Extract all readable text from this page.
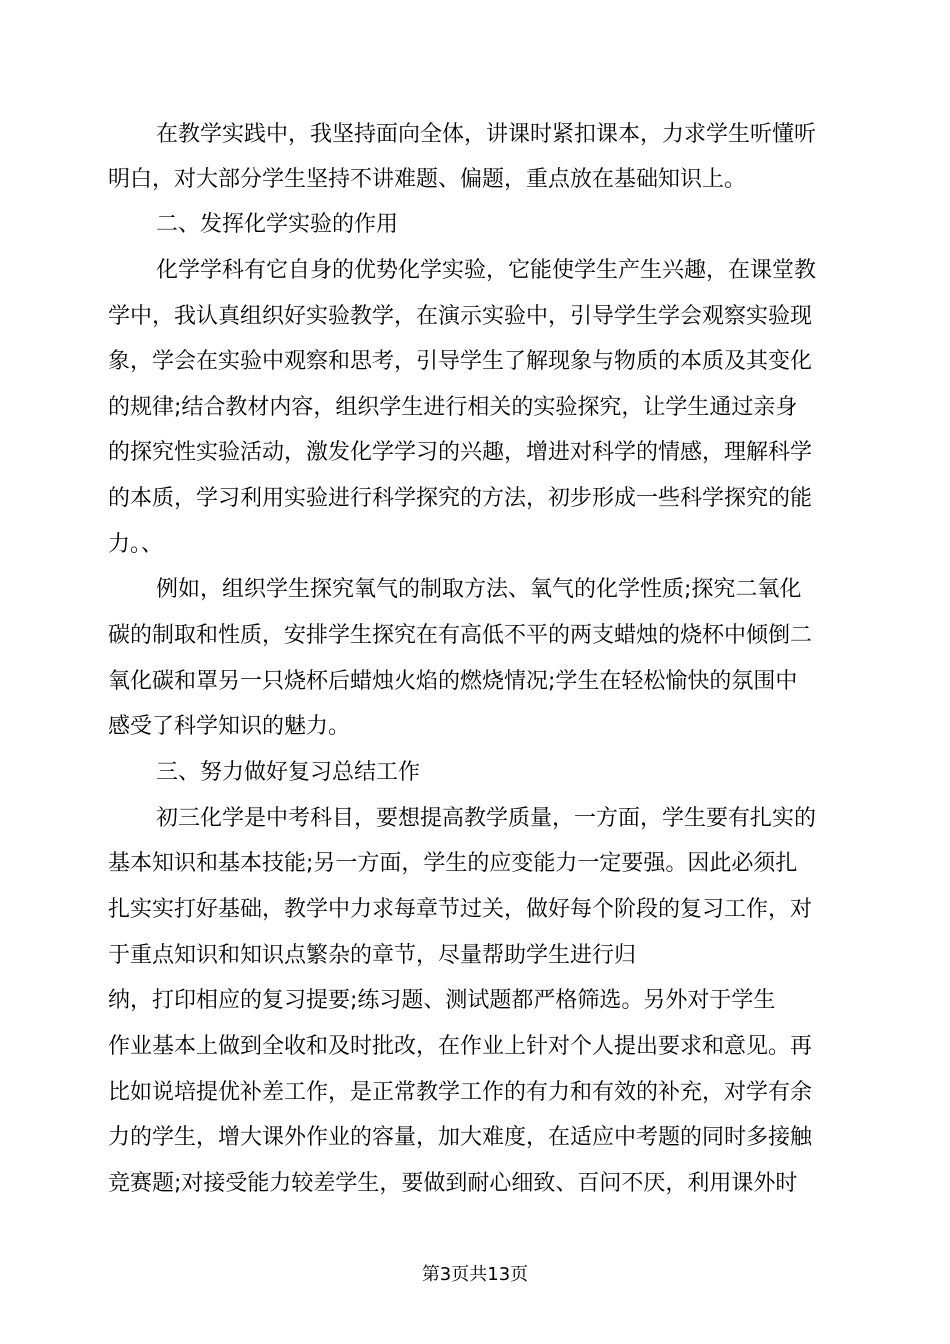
在教学实践中，我坚持面向全体，讲课时紧扣课本，力求学生听懂听
明白，对大部分学生坚持不讲难题、偏题，重点放在基础知识上。
二、发挥化学实验的作用
化学学科有它自身的优势化学实验，它能使学生产生兴趣，在课堂教
学中，我认真组织好实验教学，在演示实验中，引导学生学会观察实验现
象，学会在实验中观察和思考，引导学生了解现象与物质的本质及其变化
的规律;结合教材内容，组织学生进行相关的实验探究，让学生通过亲身
的探究性实验活动，激发化学学习的兴趣，增进对科学的情感，理解科学
的本质，学习利用实验进行科学探究的方法，初步形成一些科学探究的能
力。、
例如，组织学生探究氧气的制取方法、氧气的化学性质;探究二氧化
碳的制取和性质，安排学生探究在有高低不平的两支蜡烛的烧杯中倾倒二
氧化碳和罩另一只烧杯后蜡烛火焰的燃烧情况;学生在轻松愉快的氛围中
感受了科学知识的魅力。
三、努力做好复习总结工作
初三化学是中考科目，要想提高教学质量，一方面，学生要有扎实的
基本知识和基本技能;另一方面，学生的应变能力一定要强。因此必须扎
扎实实打好基础，教学中力求每章节过关，做好每个阶段的复习工作，对
于重点知识和知识点繁杂的章节，尽量帮助学生进行归
纳，打印相应的复习提要;练习题、测试题都严格筛选。另外对于学生
作业基本上做到全收和及时批改，在作业上针对个人提出要求和意见。再
比如说培提优补差工作，是正常教学工作的有力和有效的补充，对学有余
力的学生，增大课外作业的容量，加大难度，在适应中考题的同时多接触
竞赛题;对接受能力较差学生，要做到耐心细致、百问不厌，利用课外时
第3页共13页
